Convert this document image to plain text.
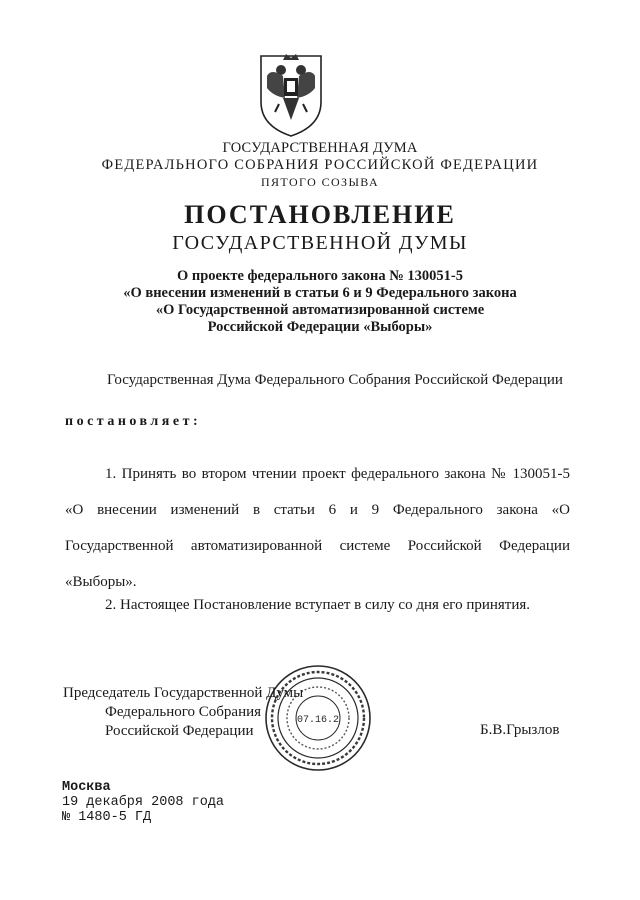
ГОСУДАРСТВЕННАЯ ДУМА
ФЕДЕРАЛЬНОГО СОБРАНИЯ РОССИЙСКОЙ ФЕДЕРАЦИИ
ПЯТОГО СОЗЫВА
ПОСТАНОВЛЕНИЕ
ГОСУДАРСТВЕННОЙ ДУМЫ
О проекте федерального закона № 130051-5
«О внесении изменений в статьи 6 и 9 Федерального закона
«О Государственной автоматизированной системе
Российской Федерации «Выборы»
Государственная Дума Федерального Собрания Российской Федерации
постановляет:
1. Принять во втором чтении проект федерального закона № 130051-5 «О внесении изменений в статьи 6 и 9 Федерального закона «О Государственной автоматизированной системе Российской Федерации «Выборы».
2. Настоящее Постановление вступает в силу со дня его принятия.
07.16.2
Председатель Государственной Думы
Федерального Собрания
Российской Федерации	Б.В.Грызлов
Москва
19 декабря 2008 года
№ 1480-5 ГД
